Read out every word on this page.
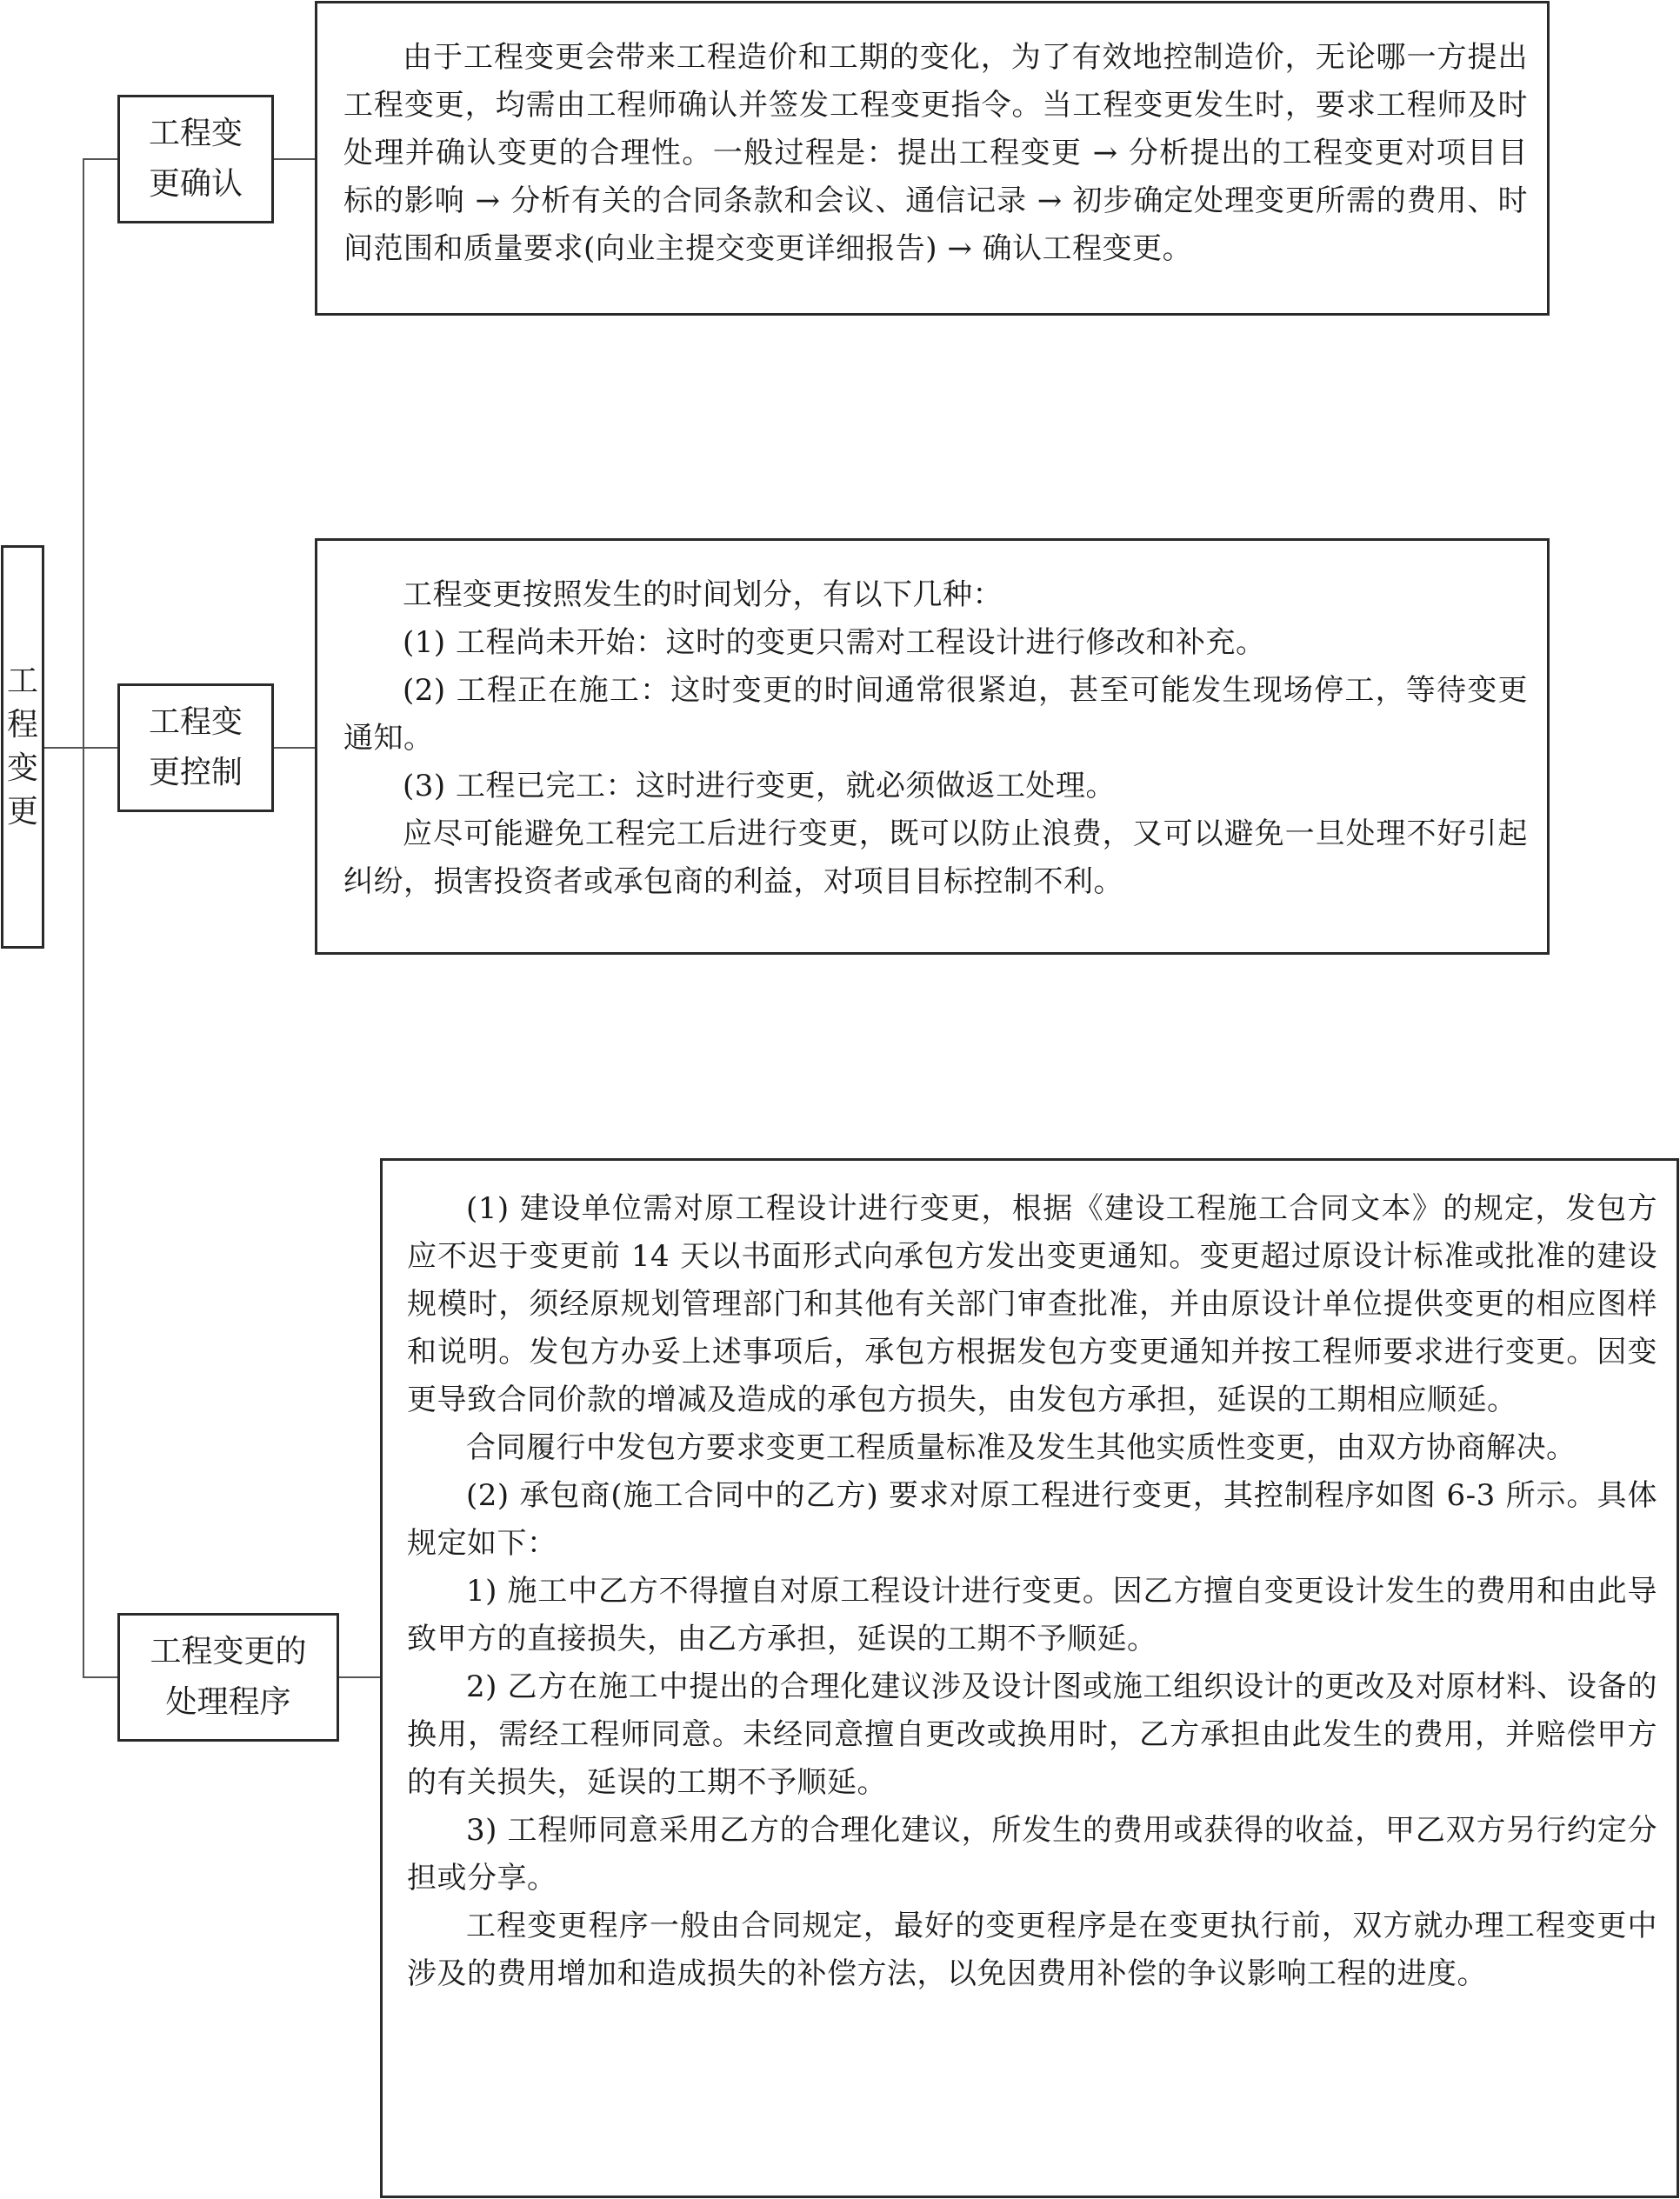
工
程
变
更
工程变
更确认

由于工程变更会带来工程造价和工期的变化，为了有效地控制造价，无论哪一方提出工程变更，均需由工程师确认并签发工程变更指令。当工程变更发生时，要求工程师及时处理并确认变更的合理性。一般过程是：提出工程变更 → 分析提出的工程变更对项目目标的影响 → 分析有关的合同条款和会议、通信记录 → 初步确定处理变更所需的费用、时间范围和质量要求(向业主提交变更详细报告) → 确认工程变更。

工程变
更控制

工程变更按照发生的时间划分，有以下几种：

(1) 工程尚未开始：这时的变更只需对工程设计进行修改和补充。

(2) 工程正在施工：这时变更的时间通常很紧迫，甚至可能发生现场停工，等待变更通知。

(3) 工程已完工：这时进行变更，就必须做返工处理。

应尽可能避免工程完工后进行变更，既可以防止浪费，又可以避免一旦处理不好引起纠纷，损害投资者或承包商的利益，对项目目标控制不利。

工程变更的
处理程序

(1) 建设单位需对原工程设计进行变更，根据《建设工程施工合同文本》的规定，发包方应不迟于变更前 14 天以书面形式向承包方发出变更通知。变更超过原设计标准或批准的建设规模时，须经原规划管理部门和其他有关部门审查批准，并由原设计单位提供变更的相应图样和说明。发包方办妥上述事项后，承包方根据发包方变更通知并按工程师要求进行变更。因变更导致合同价款的增减及造成的承包方损失，由发包方承担，延误的工期相应顺延。

合同履行中发包方要求变更工程质量标准及发生其他实质性变更，由双方协商解决。

(2) 承包商(施工合同中的乙方) 要求对原工程进行变更，其控制程序如图 6-3 所示。具体规定如下：

1) 施工中乙方不得擅自对原工程设计进行变更。因乙方擅自变更设计发生的费用和由此导致甲方的直接损失，由乙方承担，延误的工期不予顺延。

2) 乙方在施工中提出的合理化建议涉及设计图或施工组织设计的更改及对原材料、设备的换用，需经工程师同意。未经同意擅自更改或换用时，乙方承担由此发生的费用，并赔偿甲方的有关损失，延误的工期不予顺延。

3) 工程师同意采用乙方的合理化建议，所发生的费用或获得的收益，甲乙双方另行约定分担或分享。

工程变更程序一般由合同规定，最好的变更程序是在变更执行前，双方就办理工程变更中涉及的费用增加和造成损失的补偿方法，以免因费用补偿的争议影响工程的进度。
